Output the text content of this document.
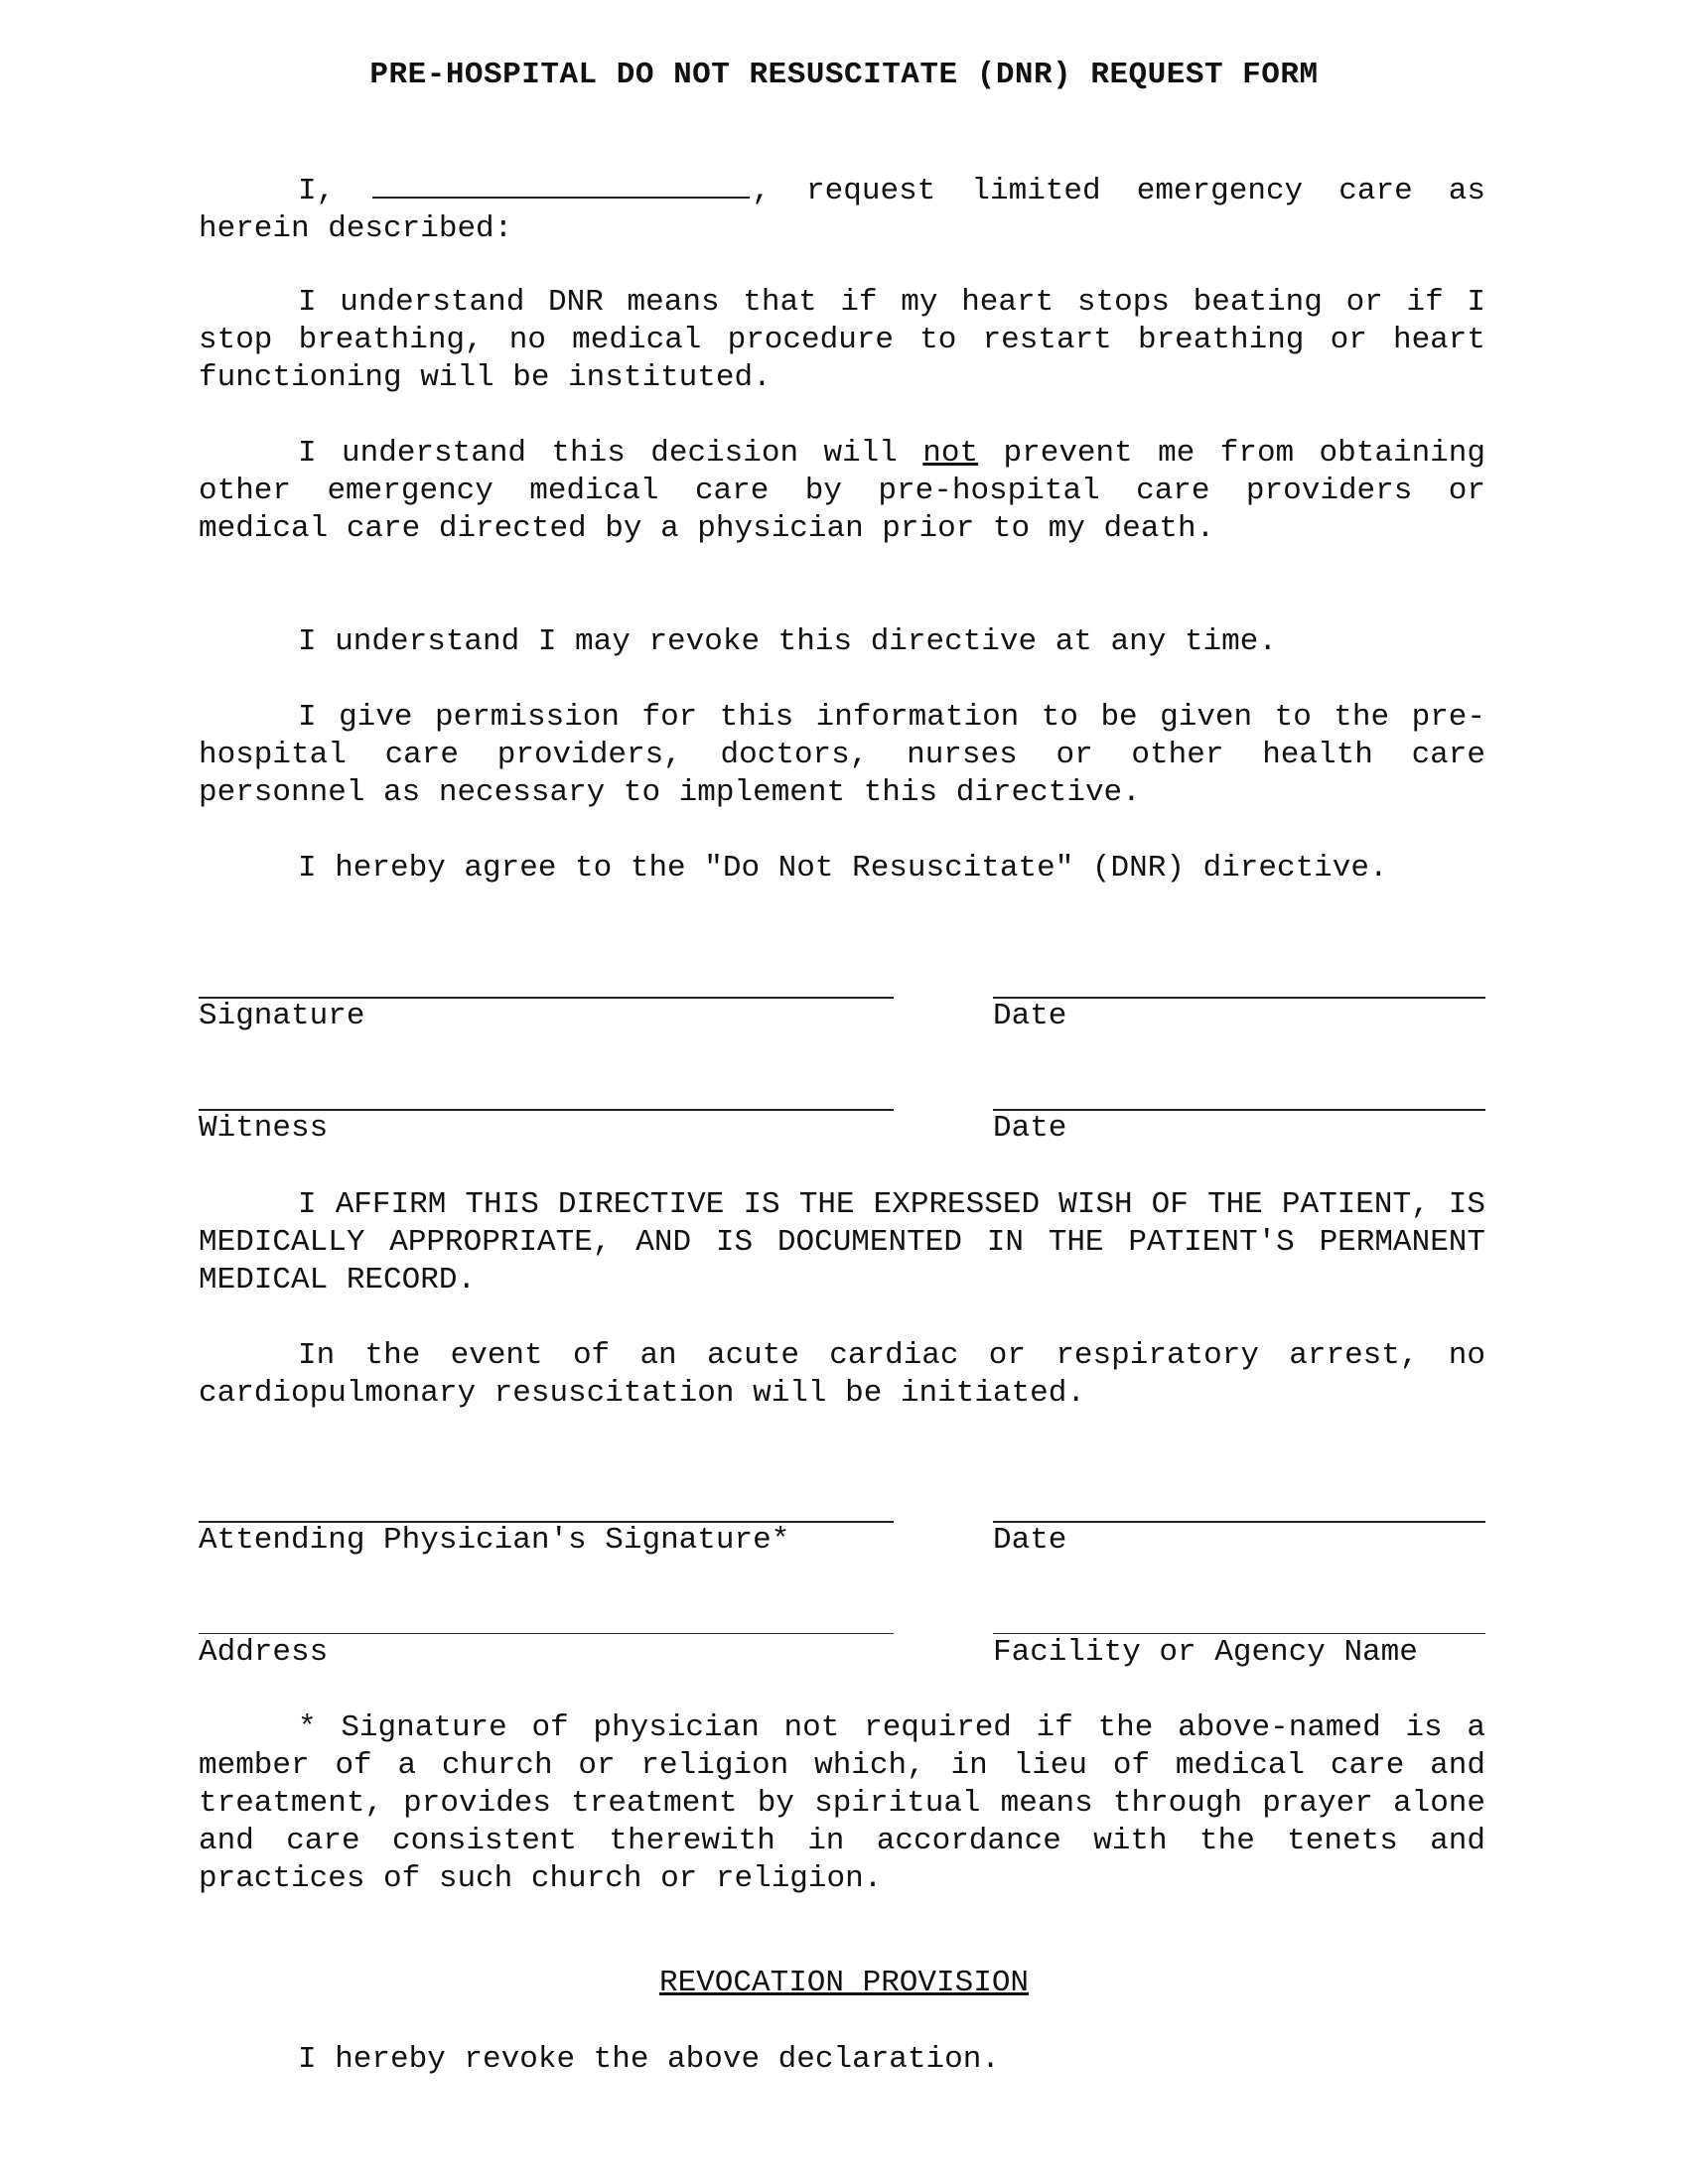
PRE-HOSPITAL DO NOT RESUSCITATE (DNR) REQUEST FORM
I,	, request limited emergency care as herein described:
I understand DNR means that if my heart stops beating or if I stop breathing, no medical procedure to restart breathing or heart functioning will be instituted.
I understand this decision will not prevent me from obtaining other emergency medical care by pre-hospital care providers or medical care directed by a physician prior to my death.
I understand I may revoke this directive at any time.
I give permission for this information to be given to the pre-hospital care providers, doctors, nurses or other health care personnel as necessary to implement this directive.
I hereby agree to the "Do Not Resuscitate" (DNR) directive.
Signature	Date
Witness	Date
I AFFIRM THIS DIRECTIVE IS THE EXPRESSED WISH OF THE PATIENT, IS MEDICALLY APPROPRIATE, AND IS DOCUMENTED IN THE PATIENT'S PERMANENT MEDICAL RECORD.
In the event of an acute cardiac or respiratory arrest, no cardiopulmonary resuscitation will be initiated.
Attending Physician's Signature*	Date
Address	Facility or Agency Name
* Signature of physician not required if the above-named is a member of a church or religion which, in lieu of medical care and treatment, provides treatment by spiritual means through prayer alone and care consistent therewith in accordance with the tenets and practices of such church or religion.
REVOCATION PROVISION
I hereby revoke the above declaration.
